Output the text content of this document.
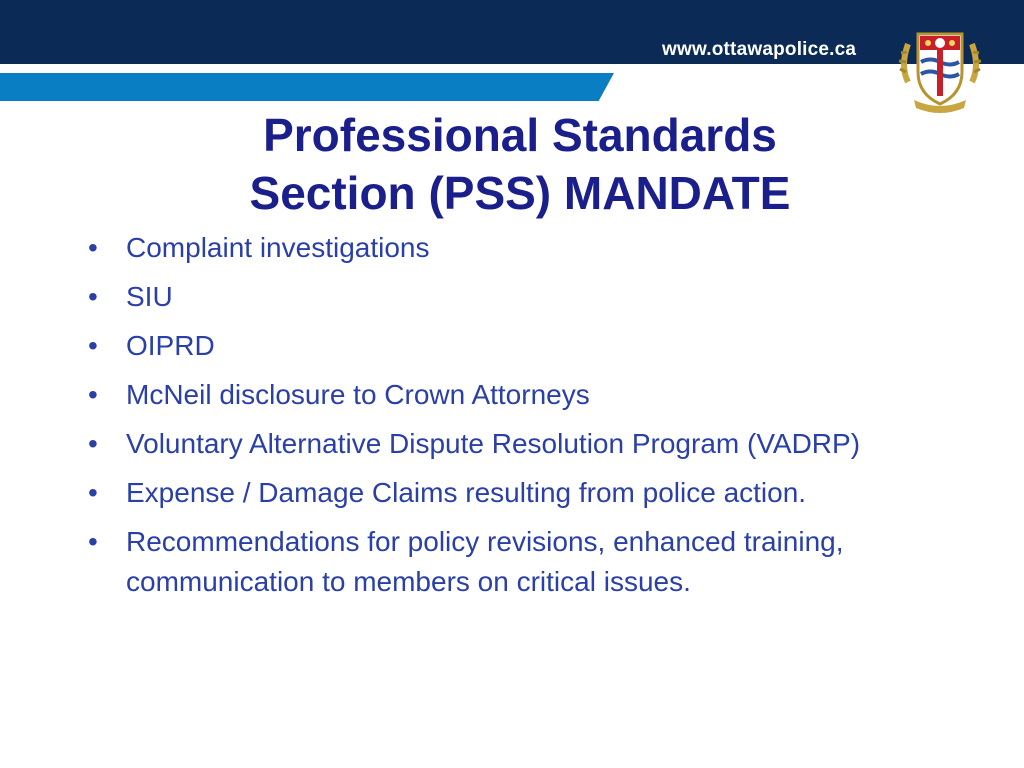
www.ottawapolice.ca
Professional Standards
Section (PSS) MANDATE
• Complaint investigations
• SIU
• OIPRD
• McNeil disclosure to Crown Attorneys
• Voluntary Alternative Dispute Resolution Program (VADRP)
• Expense / Damage Claims resulting from police action.
• Recommendations for policy revisions, enhanced training, communication to members on critical issues.
